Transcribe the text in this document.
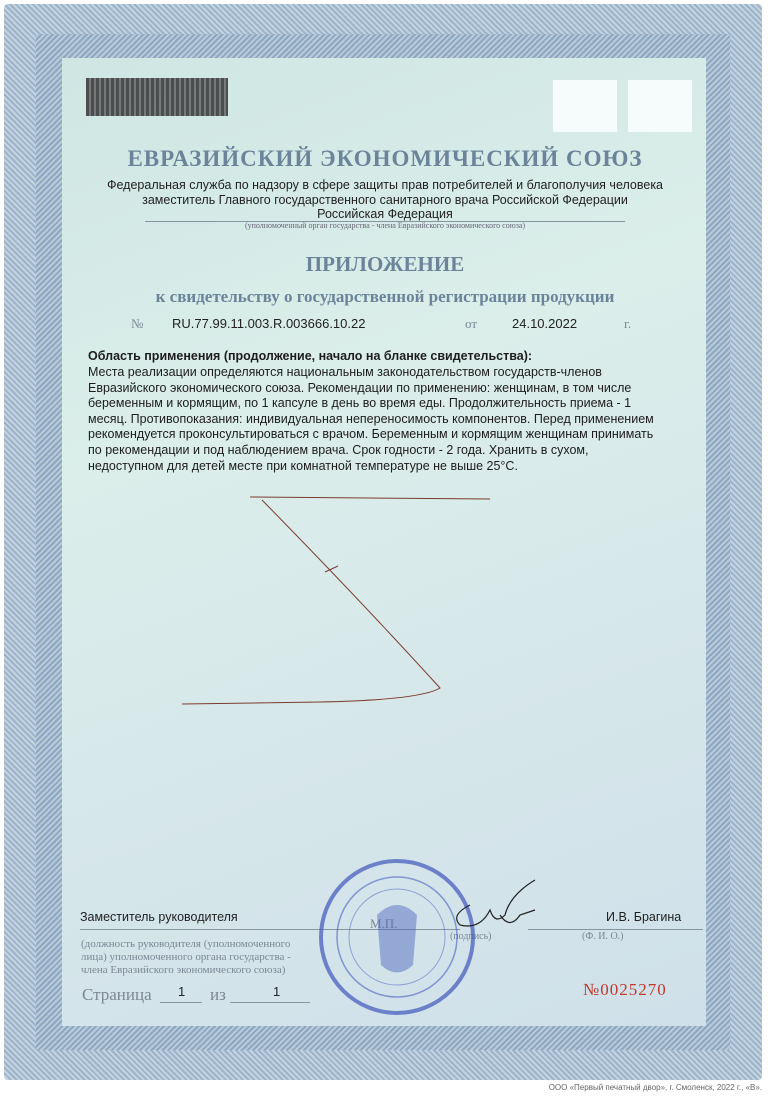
ЕВРАЗИЙСКИЙ ЭКОНОМИЧЕСКИЙ СОЮЗ
Федеральная служба по надзору в сфере защиты прав потребителей и благополучия человека
заместитель Главного государственного санитарного врача Российской Федерации
Российская Федерация
(уполномоченный орган государства - члена Евразийского экономического союза)
ПРИЛОЖЕНИЕ
к свидетельству о государственной регистрации продукции
№ RU.77.99.11.003.R.003666.10.22	от	24.10.2022	г.
Область применения (продолжение, начало на бланке свидетельства):
Места реализации определяются национальным законодательством государств-членов
Евразийского экономического союза. Рекомендации по применению: женщинам, в том числе
беременным и кормящим, по 1 капсуле в день во время еды. Продолжительность приема - 1
месяц. Противопоказания: индивидуальная непереносимость компонентов. Перед применением
рекомендуется проконсультироваться с врачом. Беременным и кормящим женщинам принимать
по рекомендации и под наблюдением врача. Срок годности - 2 года. Хранить в сухом,
недоступном для детей месте при комнатной температуре не выше 25°C.
Заместитель руководителя	М.П.
(подпись)
И.В. Брагина
(Ф. И. О.)
(должность руководителя (уполномоченного
лица) уполномоченного органа государства -
члена Евразийского экономического союза)
Страница 1 из	1	№0025270
ООО «Первый печатный двор», г. Смоленск, 2022 г., «В».
